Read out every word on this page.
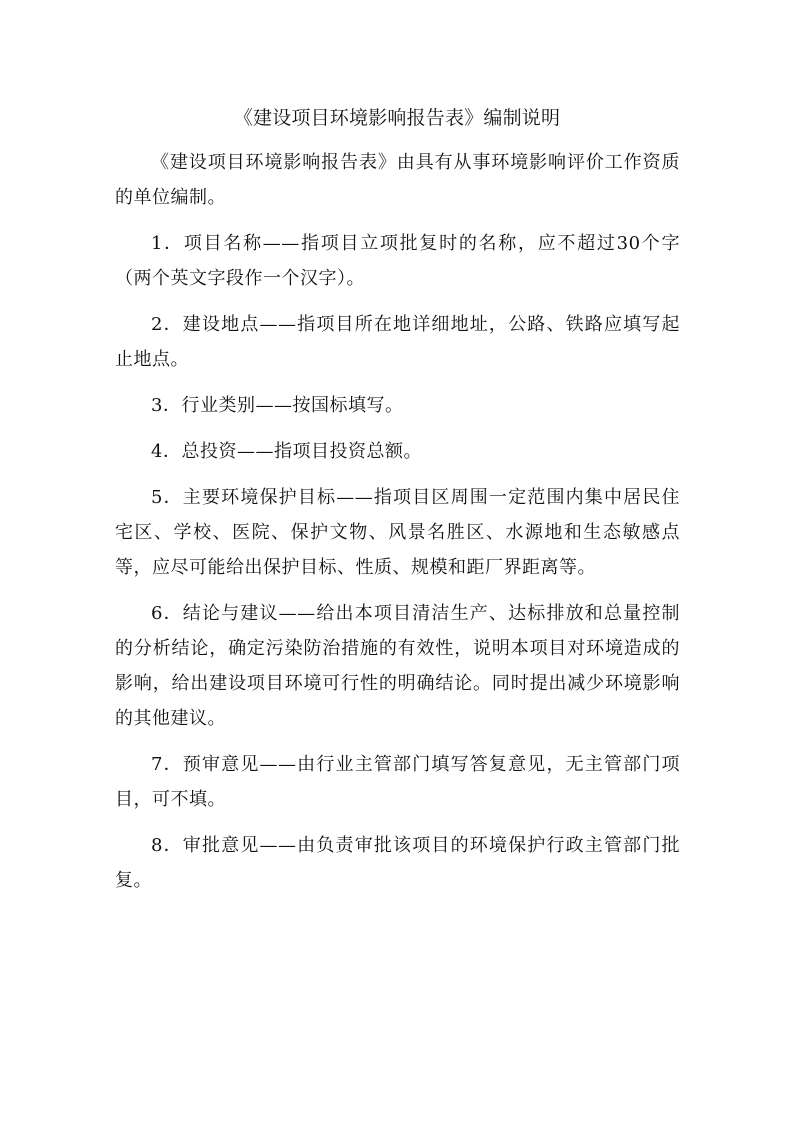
《建设项目环境影响报告表》编制说明

《建设项目环境影响报告表》由具有从事环境影响评价工作资质的单位编制。

1．项目名称——指项目立项批复时的名称，应不超过30个字（两个英文字段作一个汉字）。

2．建设地点——指项目所在地详细地址，公路、铁路应填写起止地点。

3．行业类别——按国标填写。

4．总投资——指项目投资总额。

5．主要环境保护目标——指项目区周围一定范围内集中居民住宅区、学校、医院、保护文物、风景名胜区、水源地和生态敏感点等，应尽可能给出保护目标、性质、规模和距厂界距离等。

6．结论与建议——给出本项目清洁生产、达标排放和总量控制的分析结论，确定污染防治措施的有效性，说明本项目对环境造成的影响，给出建设项目环境可行性的明确结论。同时提出减少环境影响的其他建议。

7．预审意见——由行业主管部门填写答复意见，无主管部门项目，可不填。

8．审批意见——由负责审批该项目的环境保护行政主管部门批复。
